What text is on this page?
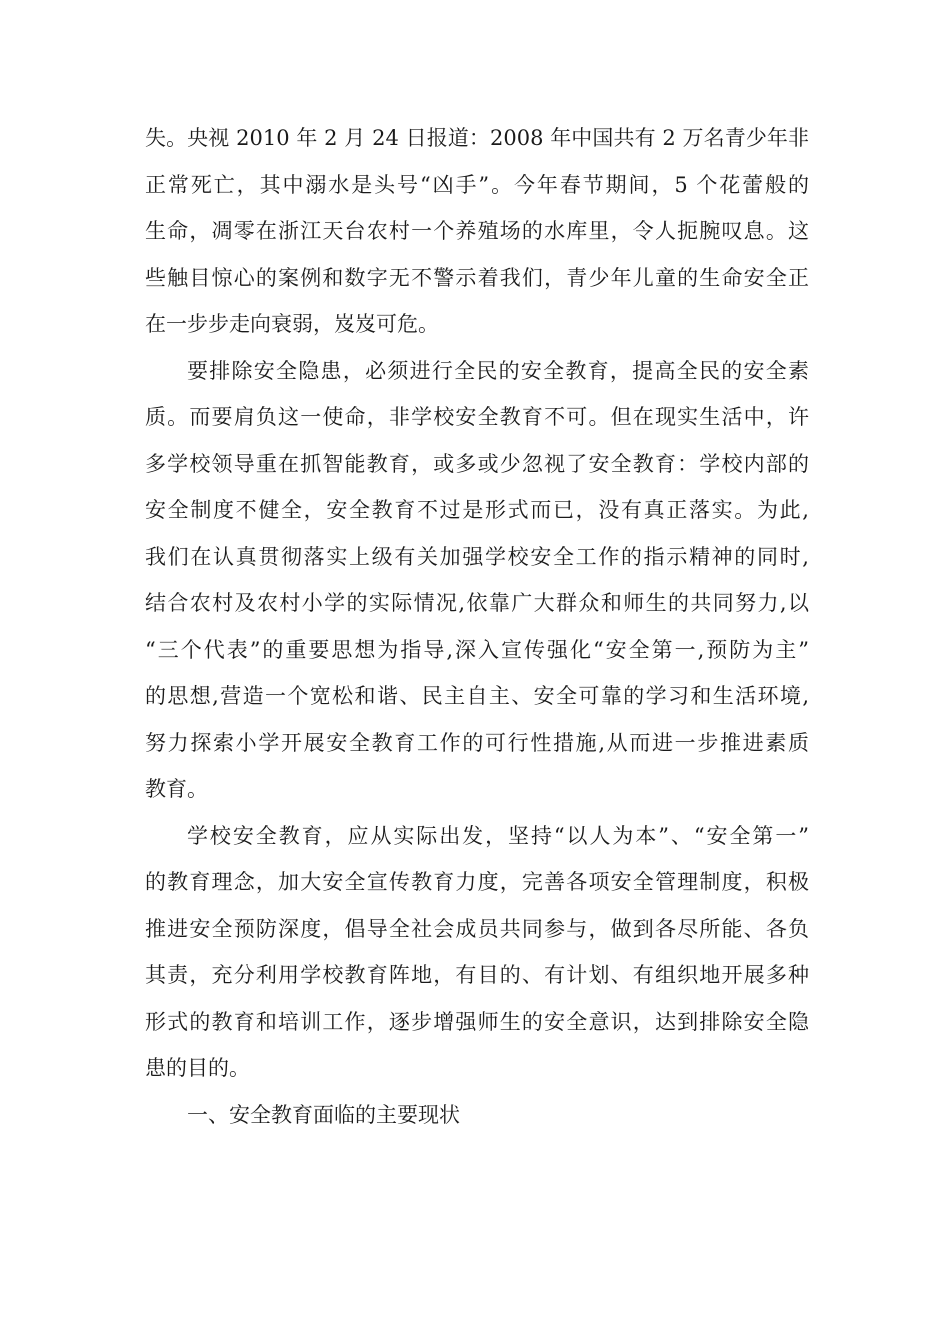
失。央视 2010 年 2 月 24 日报道：2008 年中国共有 2 万名青少年非
正常死亡，其中溺水是头号“凶手”。今年春节期间，5 个花蕾般的
生命，凋零在浙江天台农村一个养殖场的水库里，令人扼腕叹息。这
些触目惊心的案例和数字无不警示着我们，青少年儿童的生命安全正
在一步步走向衰弱，岌岌可危。
要排除安全隐患，必须进行全民的安全教育，提高全民的安全素
质。而要肩负这一使命，非学校安全教育不可。但在现实生活中，许
多学校领导重在抓智能教育，或多或少忽视了安全教育：学校内部的
安全制度不健全，安全教育不过是形式而已，没有真正落实。为此,
我们在认真贯彻落实上级有关加强学校安全工作的指示精神的同时,
结合农村及农村小学的实际情况,依靠广大群众和师生的共同努力,以
“三个代表”的重要思想为指导,深入宣传强化“安全第一,预防为主”
的思想,营造一个宽松和谐、民主自主、安全可靠的学习和生活环境,
努力探索小学开展安全教育工作的可行性措施,从而进一步推进素质
教育。
学校安全教育，应从实际出发，坚持“以人为本”、“安全第一”
的教育理念，加大安全宣传教育力度，完善各项安全管理制度，积极
推进安全预防深度，倡导全社会成员共同参与，做到各尽所能、各负
其责，充分利用学校教育阵地，有目的、有计划、有组织地开展多种
形式的教育和培训工作，逐步增强师生的安全意识，达到排除安全隐
患的目的。
一、安全教育面临的主要现状
